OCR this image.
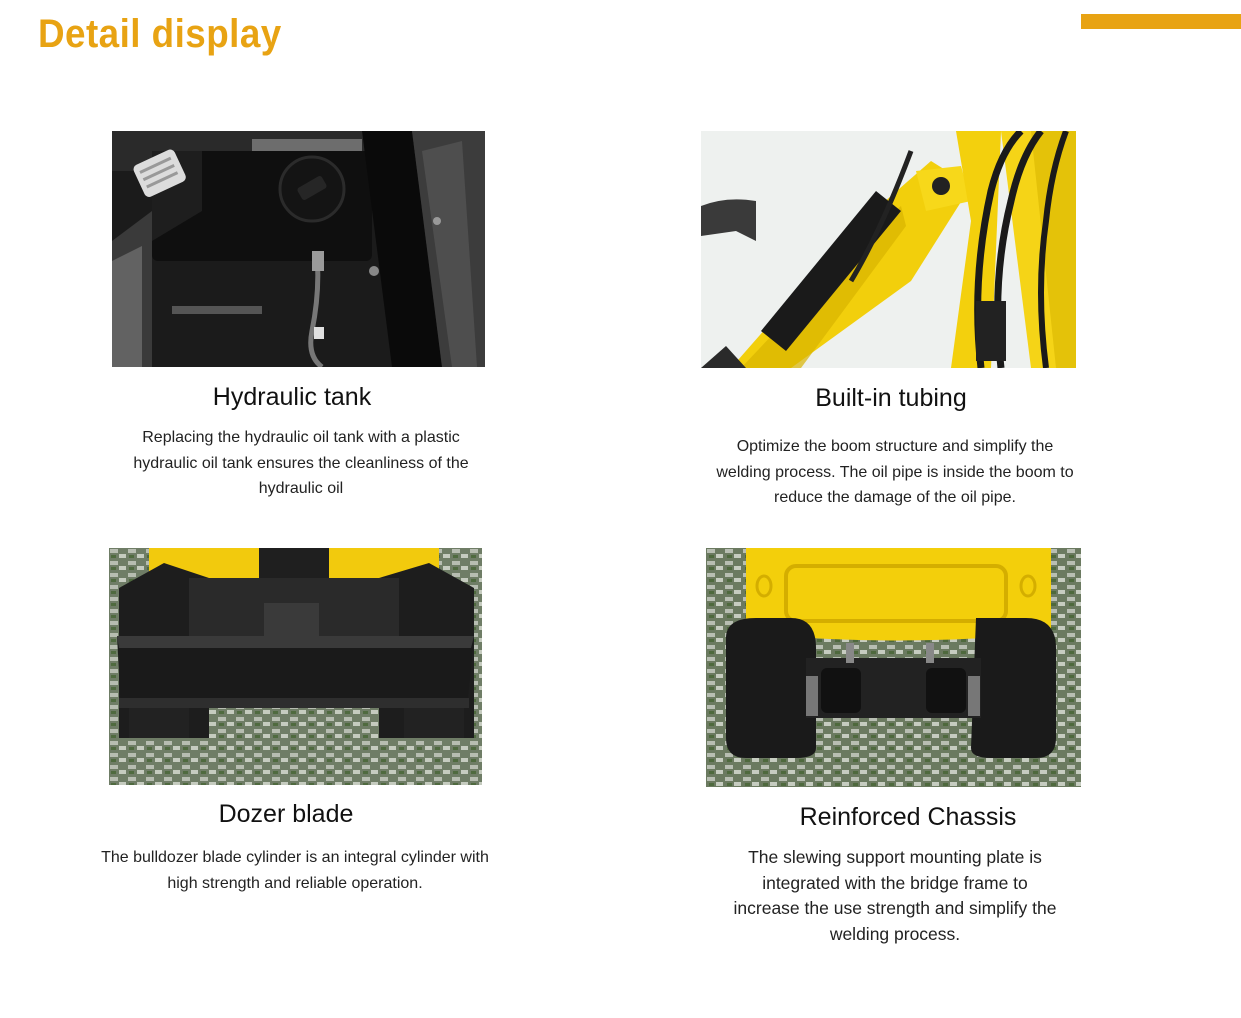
Detail display
Hydraulic tank

Replacing the hydraulic oil tank with a plastic hydraulic oil tank ensures the cleanliness of the hydraulic oil

Built-in tubing

Optimize the boom structure and simplify the welding process. The oil pipe is inside the boom to reduce the damage of the oil pipe.

Dozer blade

The bulldozer blade cylinder is an integral cylinder with high strength and reliable operation.

Reinforced Chassis

The slewing support mounting plate is integrated with the bridge frame to increase the use strength and simplify the welding process.
